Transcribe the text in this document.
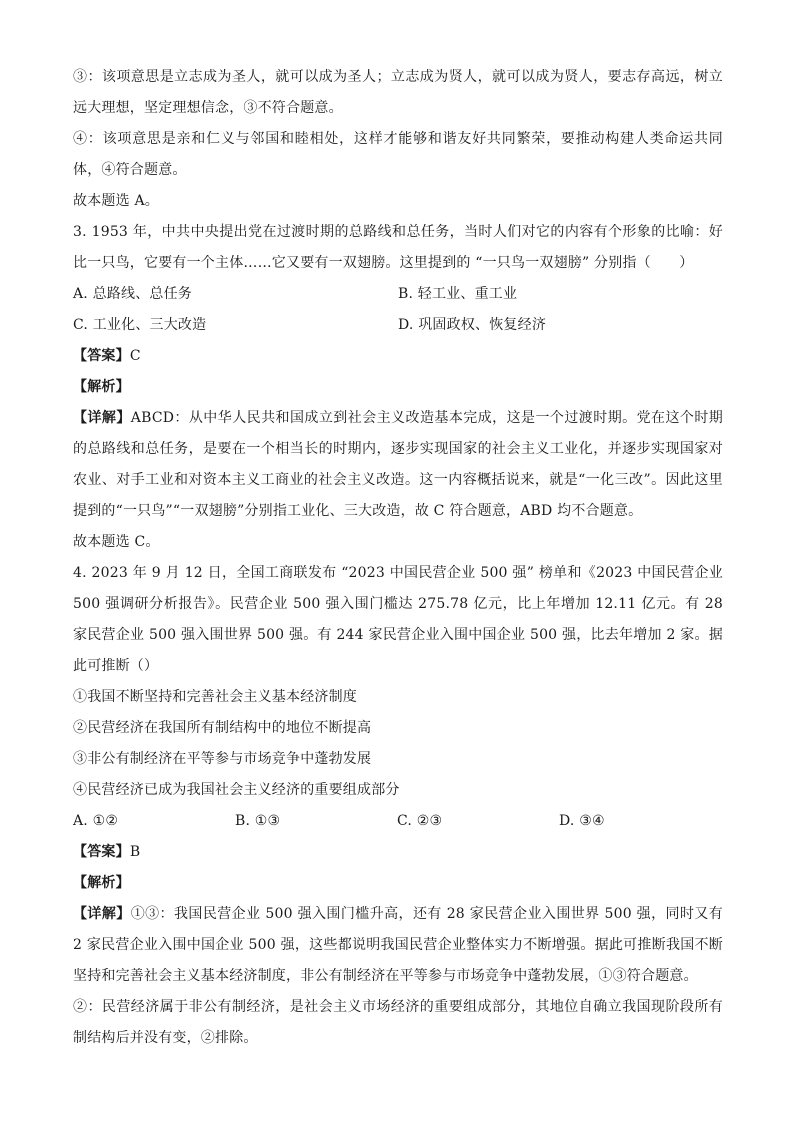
③：该项意思是立志成为圣人，就可以成为圣人；立志成为贤人，就可以成为贤人，要志存高远，树立远大理想，坚定理想信念，③不符合题意。

④：该项意思是亲和仁义与邻国和睦相处，这样才能够和谐友好共同繁荣，要推动构建人类命运共同体，④符合题意。

故本题选 A。

3. 1953 年，中共中央提出党在过渡时期的总路线和总任务，当时人们对它的内容有个形象的比喻：好比一只鸟，它要有一个主体……它又要有一双翅膀。这里提到的 “一只鸟一双翅膀” 分别指（　　）

A. 总路线、总任务	B. 轻工业、重工业
C. 工业化、三大改造	D. 巩固政权、恢复经济

【答案】C

【解析】

【详解】ABCD：从中华人民共和国成立到社会主义改造基本完成，这是一个过渡时期。党在这个时期的总路线和总任务，是要在一个相当长的时期内，逐步实现国家的社会主义工业化，并逐步实现国家对农业、对手工业和对资本主义工商业的社会主义改造。这一内容概括说来，就是“一化三改”。因此这里提到的“一只鸟”“一双翅膀”分别指工业化、三大改造，故 C 符合题意，ABD 均不合题意。

故本题选 C。

4. 2023 年 9 月 12 日，全国工商联发布 “2023 中国民营企业 500 强” 榜单和《2023 中国民营企业 500 强调研分析报告》。民营企业 500 强入围门槛达 275.78 亿元，比上年增加 12.11 亿元。有 28 家民营企业 500 强入围世界 500 强。有 244 家民营企业入围中国企业 500 强，比去年增加 2 家。据此可推断（）

①我国不断坚持和完善社会主义基本经济制度

②民营经济在我国所有制结构中的地位不断提高

③非公有制经济在平等参与市场竞争中蓬勃发展

④民营经济已成为我国社会主义经济的重要组成部分

A. ①②	B. ①③	C. ②③	D. ③④

【答案】B

【解析】

【详解】①③：我国民营企业 500 强入围门槛升高，还有 28 家民营企业入围世界 500 强，同时又有 2 家民营企业入围中国企业 500 强，这些都说明我国民营企业整体实力不断增强。据此可推断我国不断坚持和完善社会主义基本经济制度，非公有制经济在平等参与市场竞争中蓬勃发展，①③符合题意。

②：民营经济属于非公有制经济，是社会主义市场经济的重要组成部分，其地位自确立我国现阶段所有制结构后并没有变，②排除。
